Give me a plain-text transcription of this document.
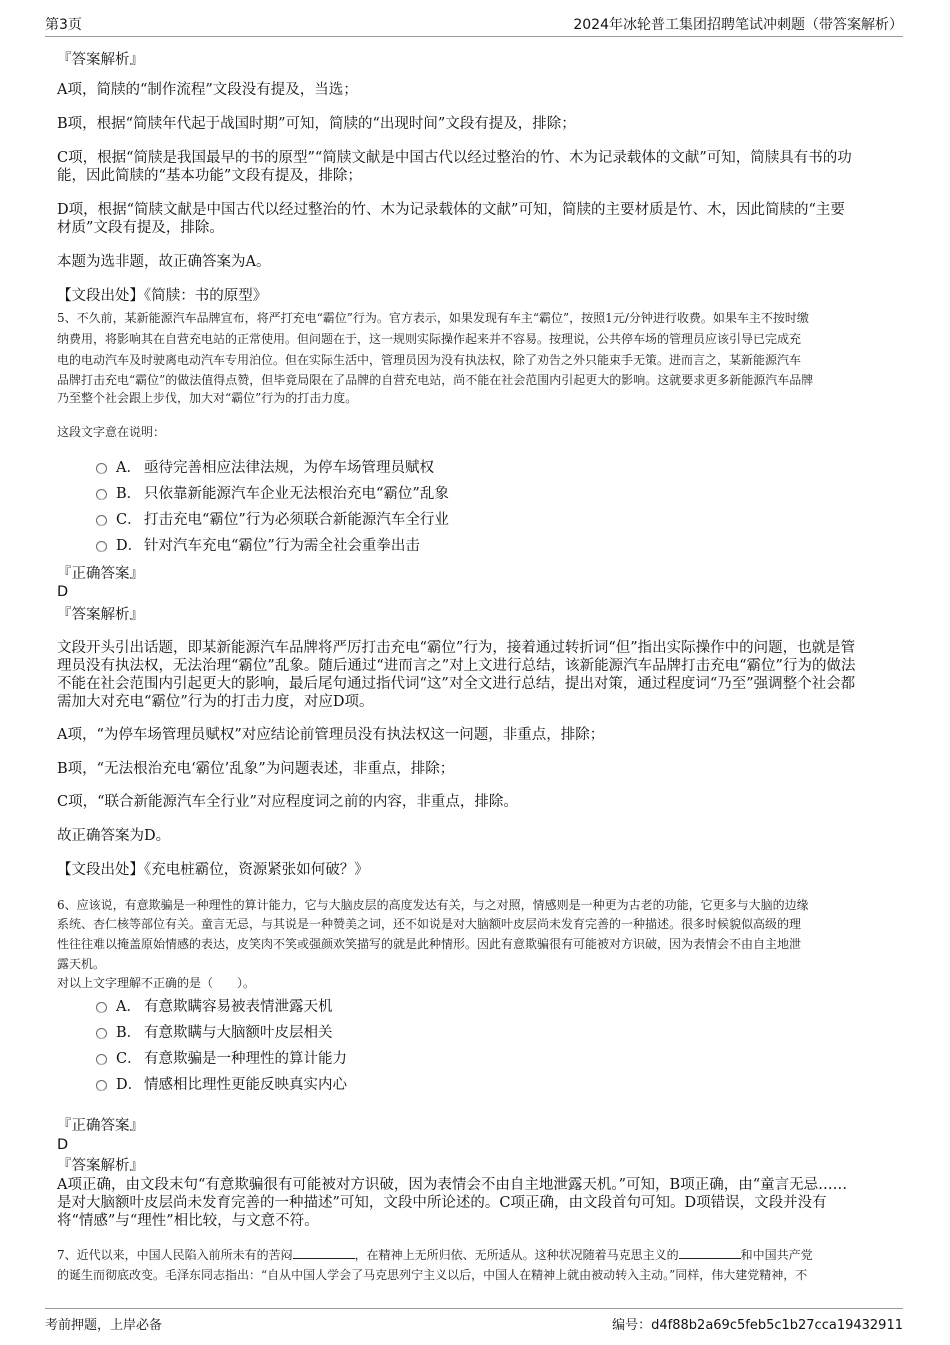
第3页	2024年冰轮普工集团招聘笔试冲刺题（带答案解析）
『答案解析』
A项，简牍的“制作流程”文段没有提及，当选；
B项，根据“简牍年代起于战国时期”可知，简牍的“出现时间”文段有提及，排除；
C项，根据“简牍是我国最早的书的原型”“简牍文献是中国古代以经过整治的竹、木为记录载体的文献”可知，简牍具有书的功
能，因此简牍的“基本功能”文段有提及，排除；
D项，根据“简牍文献是中国古代以经过整治的竹、木为记录载体的文献”可知，简牍的主要材质是竹、木，因此简牍的“主要
材质”文段有提及，排除。
本题为选非题，故正确答案为A。
【文段出处】《简牍：书的原型》
5、不久前，某新能源汽车品牌宣布，将严打充电“霸位”行为。官方表示，如果发现有车主“霸位”，按照1元/分钟进行收费。如果车主不按时缴
纳费用，将影响其在自营充电站的正常使用。但问题在于，这一规则实际操作起来并不容易。按理说，公共停车场的管理员应该引导已完成充
电的电动汽车及时驶离电动汽车专用泊位。但在实际生活中，管理员因为没有执法权，除了劝告之外只能束手无策。进而言之，某新能源汽车
品牌打击充电“霸位”的做法值得点赞，但毕竟局限在了品牌的自营充电站，尚不能在社会范围内引起更大的影响。这就要求更多新能源汽车品牌
乃至整个社会跟上步伐，加大对“霸位”行为的打击力度。
这段文字意在说明：
A． 亟待完善相应法律法规，为停车场管理员赋权
B． 只依靠新能源汽车企业无法根治充电“霸位”乱象
C． 打击充电“霸位”行为必须联合新能源汽车全行业
D． 针对汽车充电“霸位”行为需全社会重拳出击
『正确答案』
D
『答案解析』
文段开头引出话题，即某新能源汽车品牌将严厉打击充电“霸位”行为，接着通过转折词“但”指出实际操作中的问题，也就是管
理员没有执法权，无法治理“霸位”乱象。随后通过“进而言之”对上文进行总结，该新能源汽车品牌打击充电“霸位”行为的做法
不能在社会范围内引起更大的影响，最后尾句通过指代词“这”对全文进行总结，提出对策，通过程度词“乃至”强调整个社会都
需加大对充电“霸位”行为的打击力度，对应D项。
A项，“为停车场管理员赋权”对应结论前管理员没有执法权这一问题，非重点，排除；
B项，“无法根治充电‘霸位’乱象”为问题表述，非重点，排除；
C项，“联合新能源汽车全行业”对应程度词之前的内容，非重点，排除。
故正确答案为D。
【文段出处】《充电桩霸位，资源紧张如何破？》
6、应该说，有意欺骗是一种理性的算计能力，它与大脑皮层的高度发达有关，与之对照，情感则是一种更为古老的功能，它更多与大脑的边缘
系统、杏仁核等部位有关。童言无忌，与其说是一种赞美之词，还不如说是对大脑额叶皮层尚未发育完善的一种描述。很多时候貌似高级的理
性往往难以掩盖原始情感的表达，皮笑肉不笑或强颜欢笑描写的就是此种情形。因此有意欺骗很有可能被对方识破，因为表情会不由自主地泄
露天机。
对以上文字理解不正确的是（　　）。
A． 有意欺瞒容易被表情泄露天机
B． 有意欺瞒与大脑额叶皮层相关
C． 有意欺骗是一种理性的算计能力
D． 情感相比理性更能反映真实内心
『正确答案』
D
『答案解析』
A项正确，由文段末句“有意欺骗很有可能被对方识破，因为表情会不由自主地泄露天机。”可知，B项正确，由“童言无忌……
是对大脑额叶皮层尚未发育完善的一种描述”可知，文段中所论述的。C项正确，由文段首句可知。D项错误，文段并没有
将“情感”与“理性”相比较，与文意不符。
7、近代以来，中国人民陷入前所未有的苦闷	，在精神上无所归依、无所适从。这种状况随着马克思主义的	和中国共产党
的诞生而彻底改变。毛泽东同志指出：“自从中国人学会了马克思列宁主义以后，中国人在精神上就由被动转入主动。”同样，伟大建党精神，不
考前押题，上岸必备	编号：d4f88b2a69c5feb5c1b27cca19432911
